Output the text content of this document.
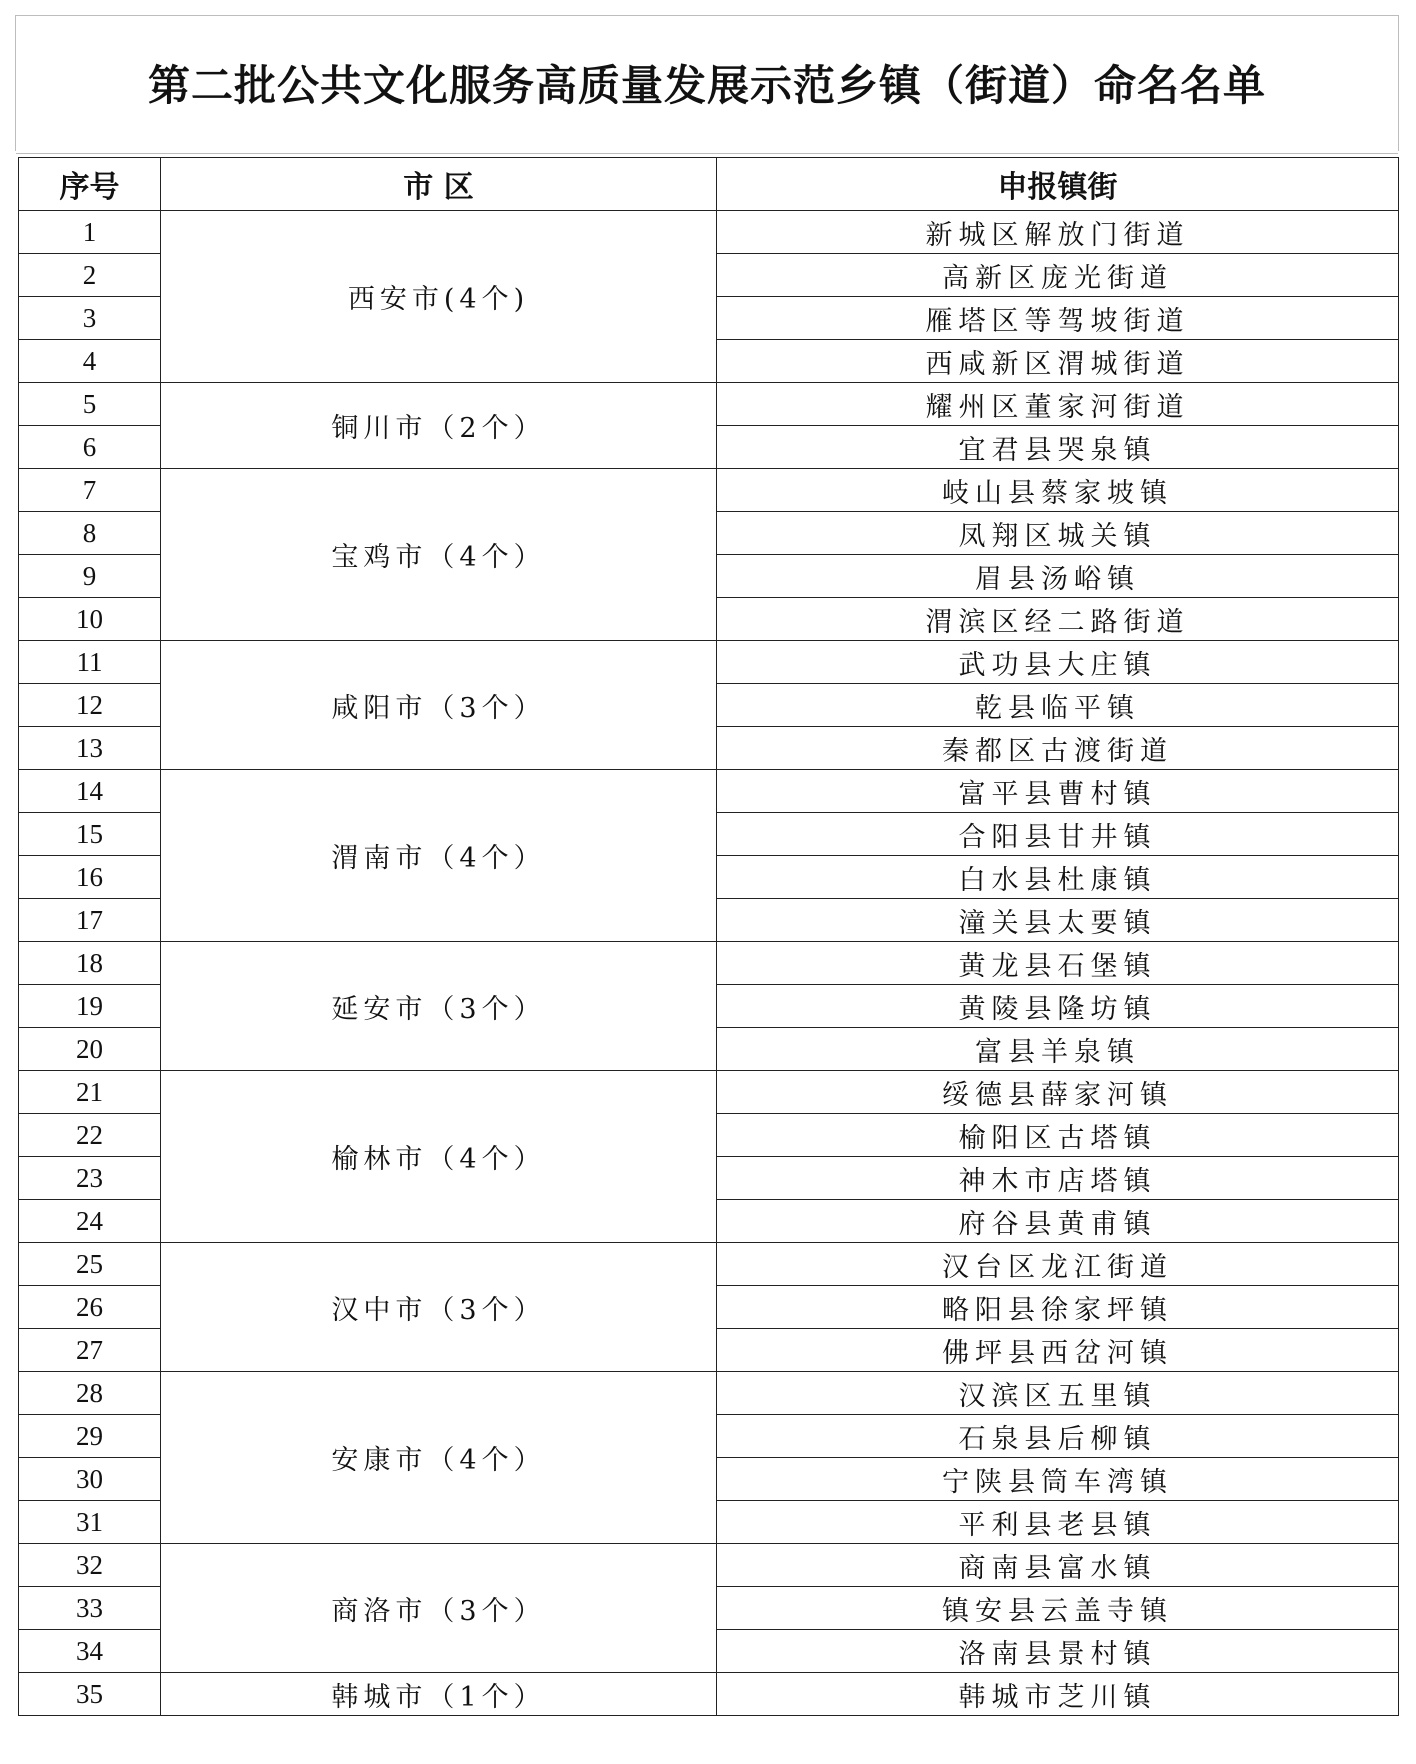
第二批公共文化服务高质量发展示范乡镇（街道）命名名单
序号	市 区	申报镇街
1	西安市(4个)	新城区解放门街道
2		高新区庞光街道
3		雁塔区等驾坡街道
4		西咸新区渭城街道
5	铜川市（2个）	耀州区董家河街道
6		宜君县哭泉镇
7	宝鸡市（4个）	岐山县蔡家坡镇
8		凤翔区城关镇
9		眉县汤峪镇
10		渭滨区经二路街道
11	咸阳市（3个）	武功县大庄镇
12		乾县临平镇
13		秦都区古渡街道
14	渭南市（4个）	富平县曹村镇
15		合阳县甘井镇
16		白水县杜康镇
17		潼关县太要镇
18	延安市（3个）	黄龙县石堡镇
19		黄陵县隆坊镇
20		富县羊泉镇
21	榆林市（4个）	绥德县薛家河镇
22		榆阳区古塔镇
23		神木市店塔镇
24		府谷县黄甫镇
25	汉中市（3个）	汉台区龙江街道
26		略阳县徐家坪镇
27		佛坪县西岔河镇
28	安康市（4个）	汉滨区五里镇
29		石泉县后柳镇
30		宁陕县筒车湾镇
31		平利县老县镇
32	商洛市（3个）	商南县富水镇
33		镇安县云盖寺镇
34		洛南县景村镇
35	韩城市（1个）	韩城市芝川镇
